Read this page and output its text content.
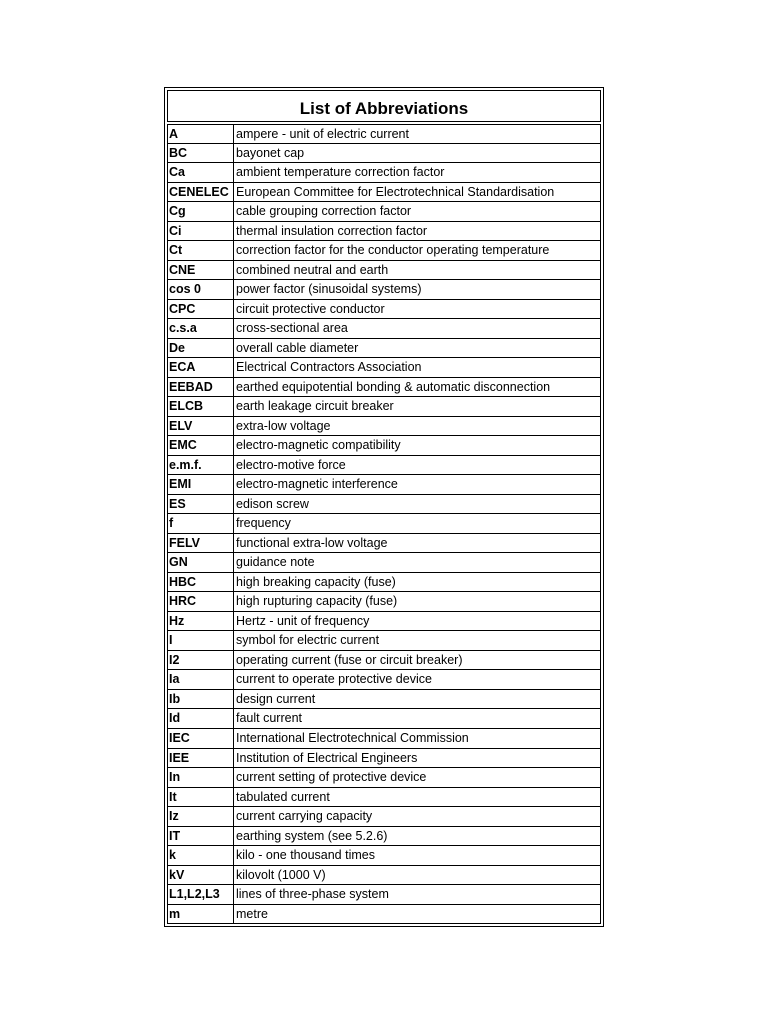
List of Abbreviations
A	ampere - unit of electric current
BC	bayonet cap
Ca	ambient temperature correction factor
CENELEC European Committee for Electrotechnical Standardisation
Cg	cable grouping correction factor
Ci	thermal insulation correction factor
Ct	correction factor for the conductor operating temperature
CNE	combined neutral and earth
cos 0	power factor (sinusoidal systems)
CPC	circuit protective conductor
c.s.a	cross-sectional area
De	overall cable diameter
ECA	Electrical Contractors Association
EEBAD	earthed equipotential bonding & automatic disconnection
ELCB	earth leakage circuit breaker
ELV	extra-low voltage
EMC	electro-magnetic compatibility
e.m.f.	electro-motive force
EMI	electro-magnetic interference
ES	edison screw
f	frequency
FELV	functional extra-low voltage
GN	guidance note
HBC	high breaking capacity (fuse)
HRC	high rupturing capacity (fuse)
Hz	Hertz - unit of frequency
I	symbol for electric current
I2	operating current (fuse or circuit breaker)
Ia	current to operate protective device
Ib	design current
Id	fault current
IEC	International Electrotechnical Commission
IEE	Institution of Electrical Engineers
In	current setting of protective device
It	tabulated current
Iz	current carrying capacity
IT	earthing system (see 5.2.6)
k	kilo - one thousand times
kV	kilovolt (1000 V)
L1,L2,L3	lines of three-phase system
m	metre
